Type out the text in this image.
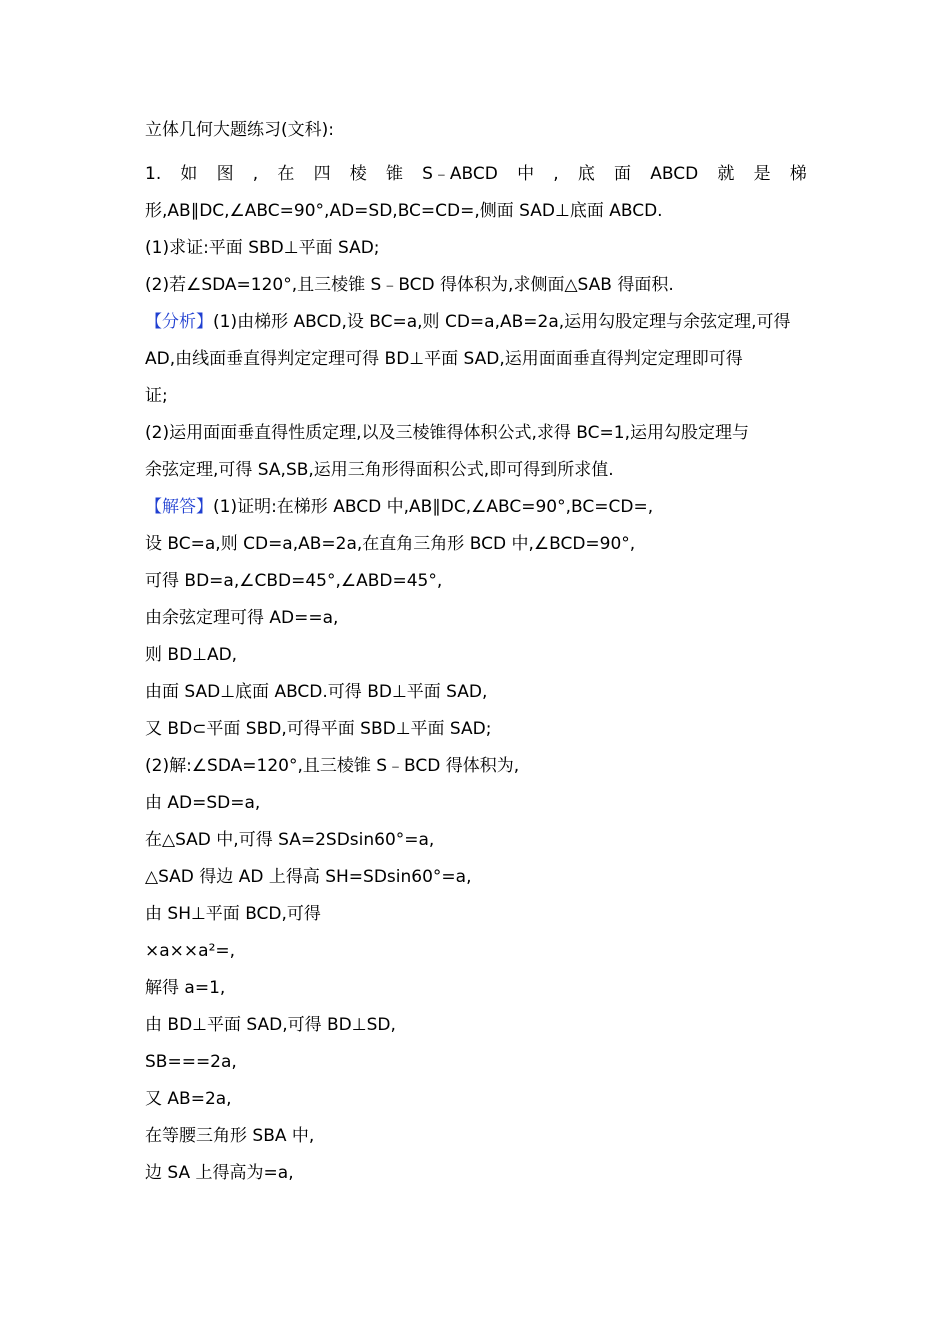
立体几何大题练习(文科):
1. 如 图 , 在 四 棱 锥 S﹣ABCD 中 , 底 面 ABCD 就 是 梯
形,AB∥DC,∠ABC=90°,AD=SD,BC=CD=,侧面 SAD⊥底面 ABCD.
(1)求证:平面 SBD⊥平面 SAD;
(2)若∠SDA=120°,且三棱锥 S﹣BCD 得体积为,求侧面△SAB 得面积.
【分析】(1)由梯形 ABCD,设 BC=a,则 CD=a,AB=2a,运用勾股定理与余弦定理,可得
AD,由线面垂直得判定定理可得 BD⊥平面 SAD,运用面面垂直得判定定理即可得
证;
(2)运用面面垂直得性质定理,以及三棱锥得体积公式,求得 BC=1,运用勾股定理与
余弦定理,可得 SA,SB,运用三角形得面积公式,即可得到所求值.
【解答】(1)证明:在梯形 ABCD 中,AB∥DC,∠ABC=90°,BC=CD=,
设 BC=a,则 CD=a,AB=2a,在直角三角形 BCD 中,∠BCD=90°,
可得 BD=a,∠CBD=45°,∠ABD=45°,
由余弦定理可得 AD==a,
则 BD⊥AD,
由面 SAD⊥底面 ABCD.可得 BD⊥平面 SAD,
又 BD⊂平面 SBD,可得平面 SBD⊥平面 SAD;
(2)解:∠SDA=120°,且三棱锥 S﹣BCD 得体积为,
由 AD=SD=a,
在△SAD 中,可得 SA=2SDsin60°=a,
△SAD 得边 AD 上得高 SH=SDsin60°=a,
由 SH⊥平面 BCD,可得
×a××a²=,
解得 a=1,
由 BD⊥平面 SAD,可得 BD⊥SD,
SB===2a,
又 AB=2a,
在等腰三角形 SBA 中,
边 SA 上得高为=a,
